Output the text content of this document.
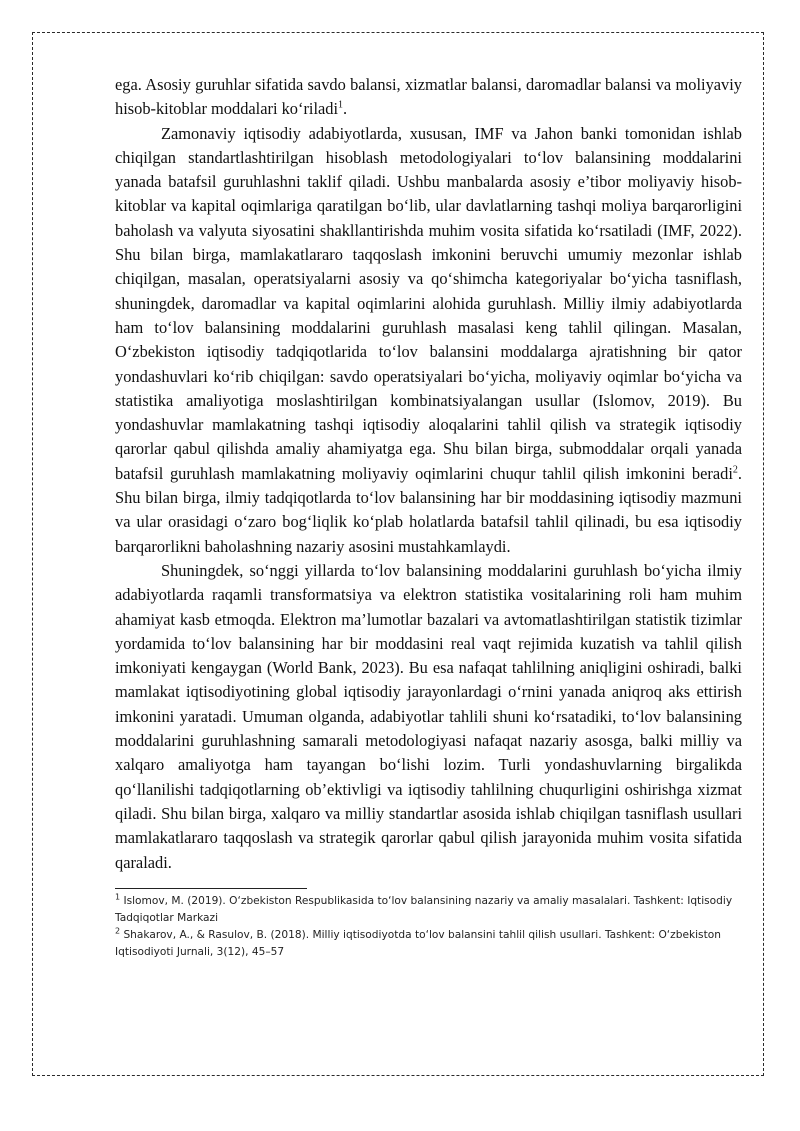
ega. Asosiy guruhlar sifatida savdo balansi, xizmatlar balansi, daromadlar balansi va moliyaviy hisob-kitoblar moddalari ko‘riladi$^1$.

Zamonaviy iqtisodiy adabiyotlarda, xususan, IMF va Jahon banki tomonidan ishlab chiqilgan standartlashtirilgan hisoblash metodologiyalari to‘lov balansining moddalarini yanada batafsil guruhlashni taklif qiladi. Ushbu manbalarda asosiy e’tibor moliyaviy hisob-kitoblar va kapital oqimlariga qaratilgan bo‘lib, ular davlatlarning tashqi moliya barqarorligini baholash va valyuta siyosatini shakllantirishda muhim vosita sifatida ko‘rsatiladi (IMF, 2022). Shu bilan birga, mamlakatlararo taqqoslash imkonini beruvchi umumiy mezonlar ishlab chiqilgan, masalan, operatsiyalarni asosiy va qo‘shimcha kategoriyalar bo‘yicha tasniflash, shuningdek, daromadlar va kapital oqimlarini alohida guruhlash. Milliy ilmiy adabiyotlarda ham to‘lov balansining moddalarini guruhlash masalasi keng tahlil qilingan. Masalan, O‘zbekiston iqtisodiy tadqiqotlarida to‘lov balansini moddalarga ajratishning bir qator yondashuvlari ko‘rib chiqilgan: savdo operatsiyalari bo‘yicha, moliyaviy oqimlar bo‘yicha va statistika amaliyotiga moslashtirilgan kombinatsiyalangan usullar (Islomov, 2019). Bu yondashuvlar mamlakatning tashqi iqtisodiy aloqalarini tahlil qilish va strategik iqtisodiy qarorlar qabul qilishda amaliy ahamiyatga ega. Shu bilan birga, submoddalar orqali yanada batafsil guruhlash mamlakatning moliyaviy oqimlarini chuqur tahlil qilish imkonini beradi$^2$. Shu bilan birga, ilmiy tadqiqotlarda to‘lov balansining har bir moddasining iqtisodiy mazmuni va ular orasidagi o‘zaro bog‘liqlik ko‘plab holatlarda batafsil tahlil qilinadi, bu esa iqtisodiy barqarorlikni baholashning nazariy asosini mustahkamlaydi.

Shuningdek, so‘nggi yillarda to‘lov balansining moddalarini guruhlash bo‘yicha ilmiy adabiyotlarda raqamli transformatsiya va elektron statistika vositalarining roli ham muhim ahamiyat kasb etmoqda. Elektron ma’lumotlar bazalari va avtomatlashtirilgan statistik tizimlar yordamida to‘lov balansining har bir moddasini real vaqt rejimida kuzatish va tahlil qilish imkoniyati kengaygan (World Bank, 2023). Bu esa nafaqat tahlilning aniqligini oshiradi, balki mamlakat iqtisodiyotining global iqtisodiy jarayonlardagi o‘rnini yanada aniqroq aks ettirish imkonini yaratadi. Umuman olganda, adabiyotlar tahlili shuni ko‘rsatadiki, to‘lov balansining moddalarini guruhlashning samarali metodologiyasi nafaqat nazariy asosga, balki milliy va xalqaro amaliyotga ham tayangan bo‘lishi lozim. Turli yondashuvlarning birgalikda qo‘llanilishi tadqiqotlarning ob’ektivligi va iqtisodiy tahlilning chuqurligini oshirishga xizmat qiladi. Shu bilan birga, xalqaro va milliy standartlar asosida ishlab chiqilgan tasniflash usullari mamlakatlararo taqqoslash va strategik qarorlar qabul qilish jarayonida muhim vosita sifatida qaraladi.

$^1$ Islomov, M. (2019). O‘zbekiston Respublikasida to‘lov balansining nazariy va amaliy masalalari. Tashkent: Iqtisodiy Tadqiqotlar Markazi

$^2$ Shakarov, A., & Rasulov, B. (2018). Milliy iqtisodiyotda to‘lov balansini tahlil qilish usullari. Tashkent: O‘zbekiston Iqtisodiyoti Jurnali, 3(12), 45–57
